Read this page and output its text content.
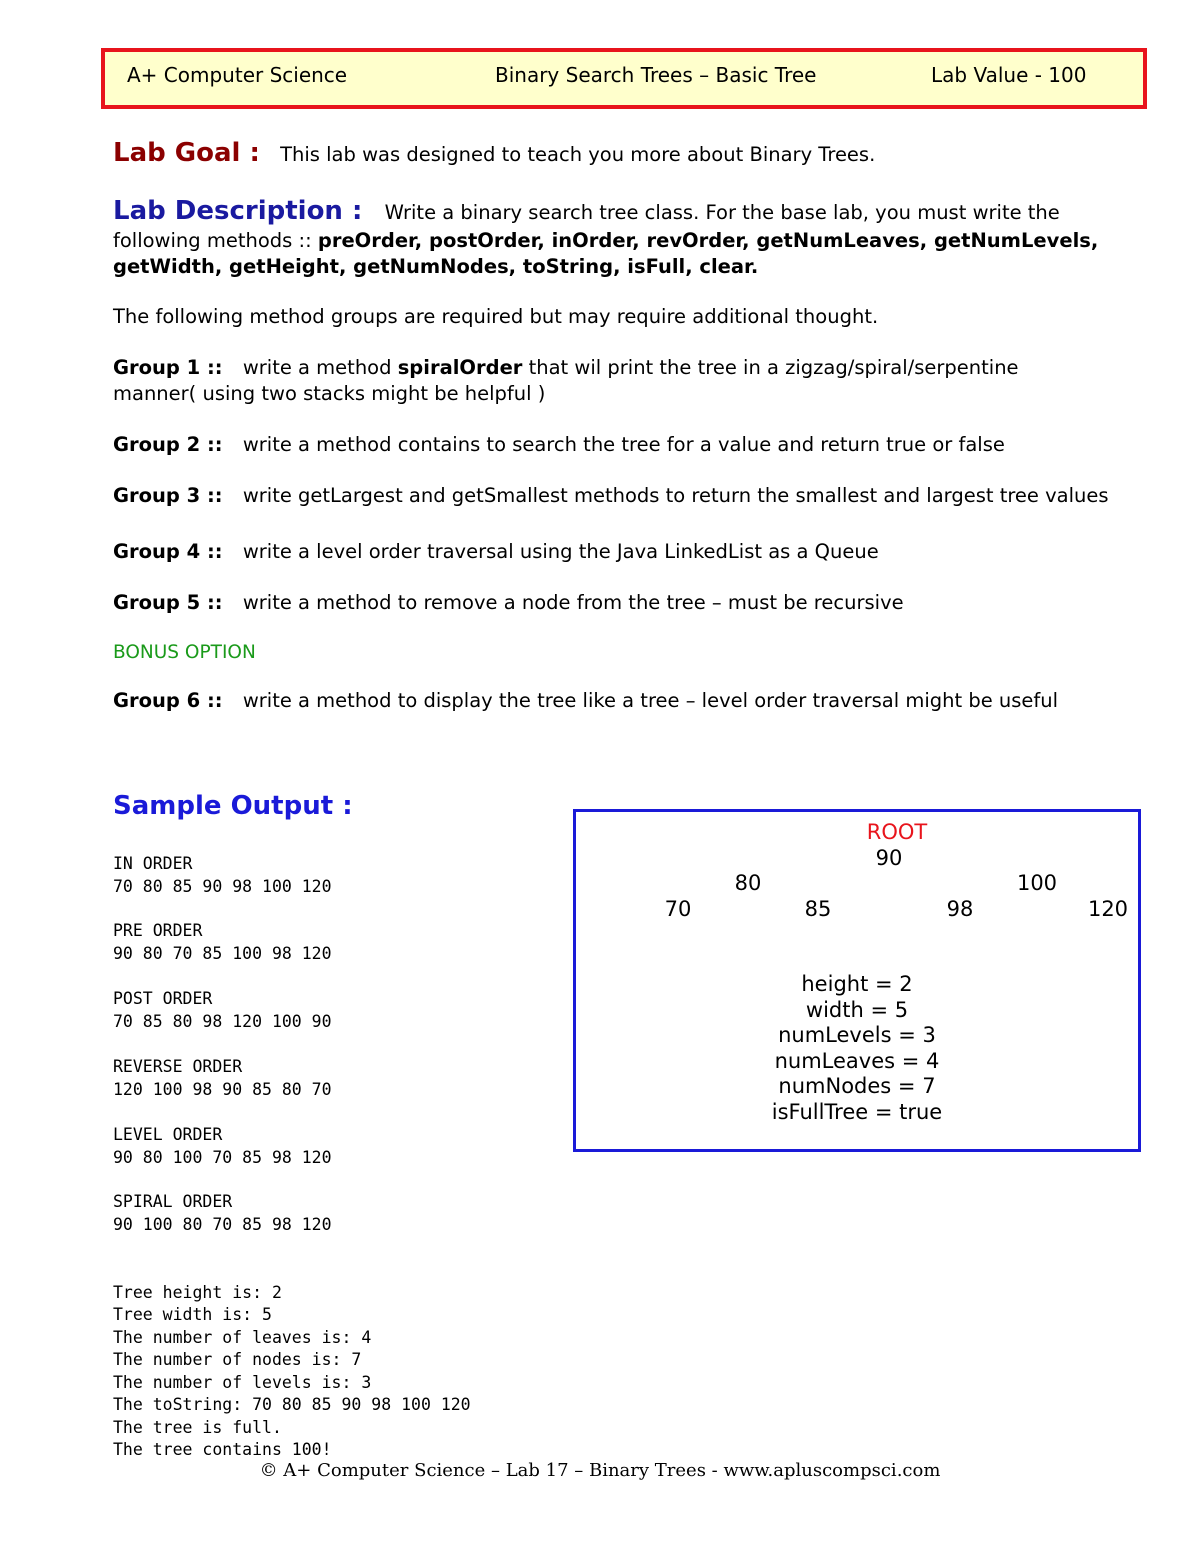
A+ Computer Science	Binary Search Trees – Basic Tree	Lab Value - 100
Lab Goal : This lab was designed to teach you more about Binary Trees.
Lab Description : Write a binary search tree class. For the base lab, you must write the
following methods :: preOrder, postOrder, inOrder, revOrder, getNumLeaves, getNumLevels,
getWidth, getHeight, getNumNodes, toString, isFull, clear.
The following method groups are required but may require additional thought.
Group 1 :: write a method spiralOrder that wil print the tree in a zigzag/spiral/serpentine
manner( using two stacks might be helpful )
Group 2 :: write a method contains to search the tree for a value and return true or false
Group 3 :: write getLargest and getSmallest methods to return the smallest and largest tree values
Group 4 :: write a level order traversal using the Java LinkedList as a Queue
Group 5 :: write a method to remove a node from the tree – must be recursive
BONUS OPTION
Group 6 :: write a method to display the tree like a tree – level order traversal might be useful
Sample Output :
IN ORDER
70 80 85 90 98 100 120
PRE ORDER
90 80 70 85 100 98 120
POST ORDER
70 85 80 98 120 100 90
REVERSE ORDER
120 100 98 90 85 80 70
LEVEL ORDER
90 80 100 70 85 98 120
SPIRAL ORDER
90 100 80 70 85 98 120

Tree height is: 2
Tree width is: 5
The number of leaves is: 4
The number of nodes is: 7
The number of levels is: 3
The toString: 70 80 85 90 98 100 120
The tree is full.
The tree contains 100!
ROOT
90
80	100
70	85	98	120
height = 2
width = 5
numLevels = 3
numLeaves = 4
numNodes = 7
isFullTree = true
© A+ Computer Science – Lab 17 – Binary Trees - www.apluscompsci.com
